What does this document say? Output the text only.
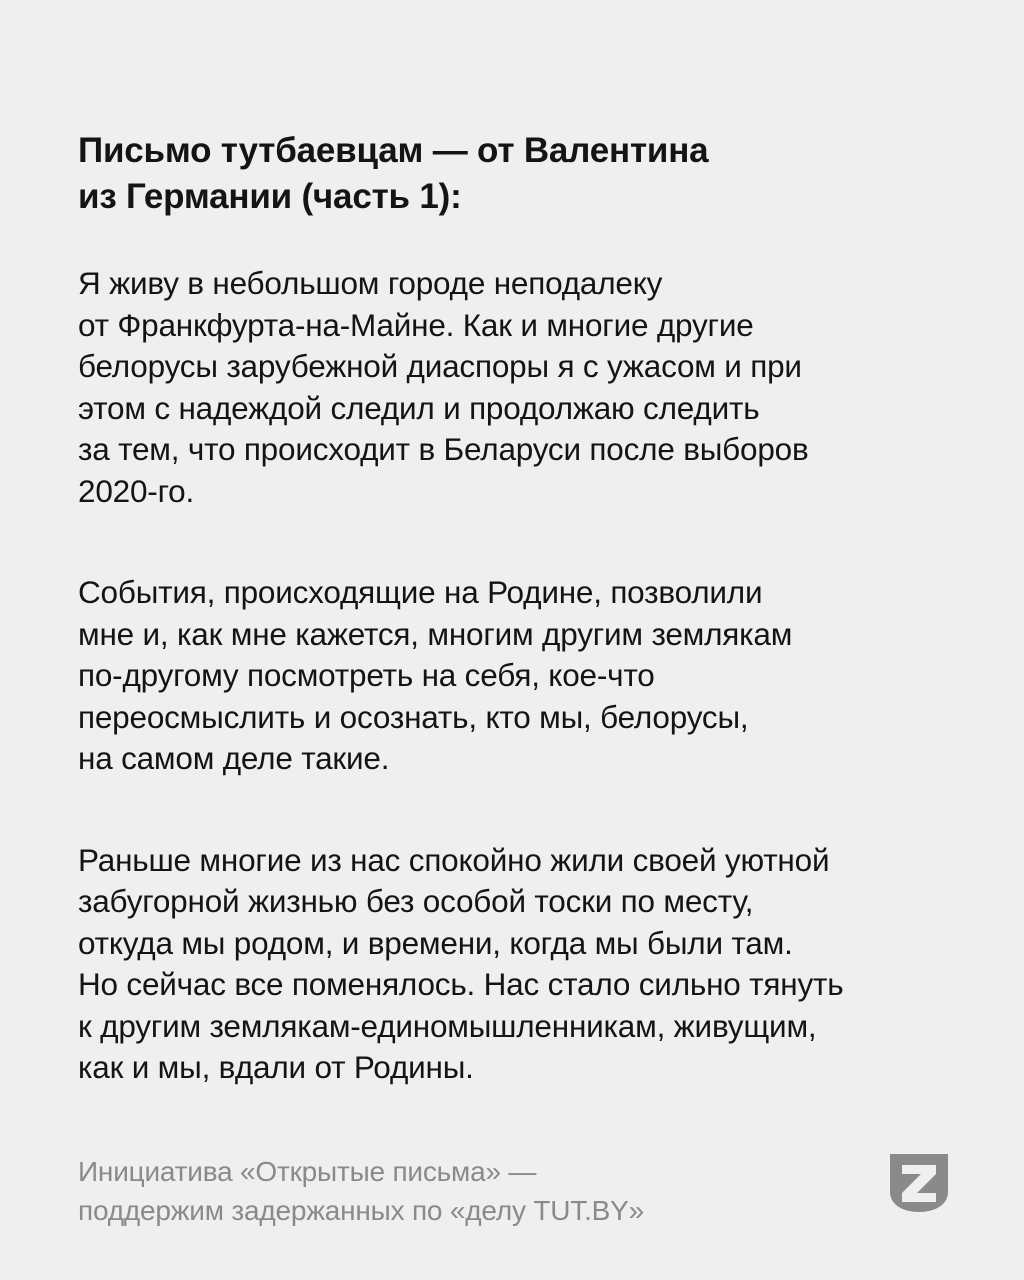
Письмо тутбаевцам — от Валентина
из Германии (часть 1):

Я живу в небольшом городе неподалеку
от Франкфурта-на-Майне. Как и многие другие
белорусы зарубежной диаспоры я с ужасом и при
этом с надеждой следил и продолжаю следить
за тем, что происходит в Беларуси после выборов
2020-го.

События, происходящие на Родине, позволили
мне и, как мне кажется, многим другим землякам
по-другому посмотреть на себя, кое-что
переосмыслить и осознать, кто мы, белорусы,
на самом деле такие.

Раньше многие из нас спокойно жили своей уютной
забугорной жизнью без особой тоски по месту,
откуда мы родом, и времени, когда мы были там.
Но сейчас все поменялось. Нас стало сильно тянуть
к другим землякам-единомышленникам, живущим,
как и мы, вдали от Родины.

Инициатива «Открытые письма» —
поддержим задержанных по «делу TUT.BY»
